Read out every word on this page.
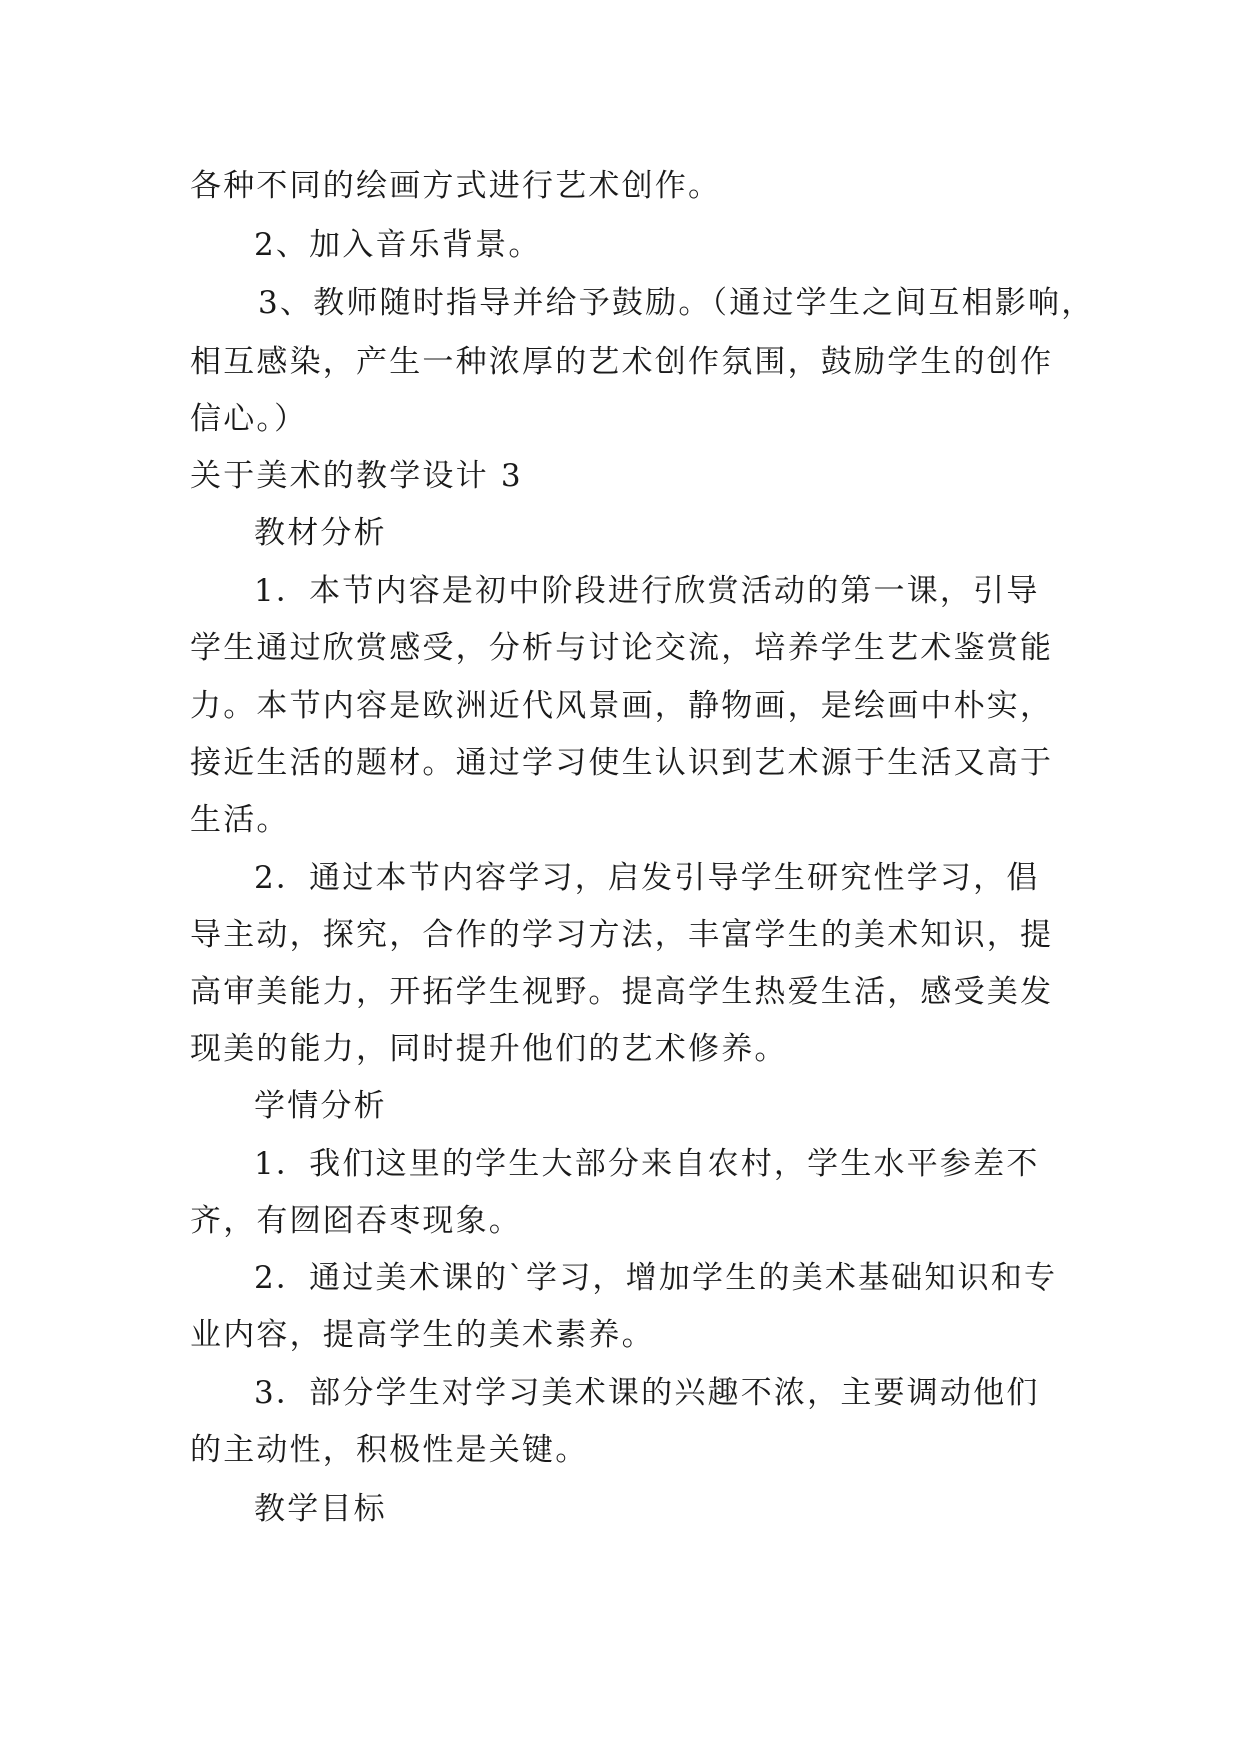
各种不同的绘画方式进行艺术创作。
2、加入音乐背景。
3、教师随时指导并给予鼓励。（通过学生之间互相影响，
相互感染，产生一种浓厚的艺术创作氛围，鼓励学生的创作
信心。）
关于美术的教学设计 3
教材分析
1．本节内容是初中阶段进行欣赏活动的第一课，引导
学生通过欣赏感受，分析与讨论交流，培养学生艺术鉴赏能
力。本节内容是欧洲近代风景画，静物画，是绘画中朴实，
接近生活的题材。通过学习使生认识到艺术源于生活又高于
生活。
2．通过本节内容学习，启发引导学生研究性学习，倡
导主动，探究，合作的学习方法，丰富学生的美术知识，提
高审美能力，开拓学生视野。提高学生热爱生活，感受美发
现美的能力，同时提升他们的艺术修养。
学情分析
1．我们这里的学生大部分来自农村，学生水平参差不
齐，有囫囵吞枣现象。
2．通过美术课的`学习，增加学生的美术基础知识和专
业内容，提高学生的美术素养。
3．部分学生对学习美术课的兴趣不浓，主要调动他们
的主动性，积极性是关键。
教学目标
